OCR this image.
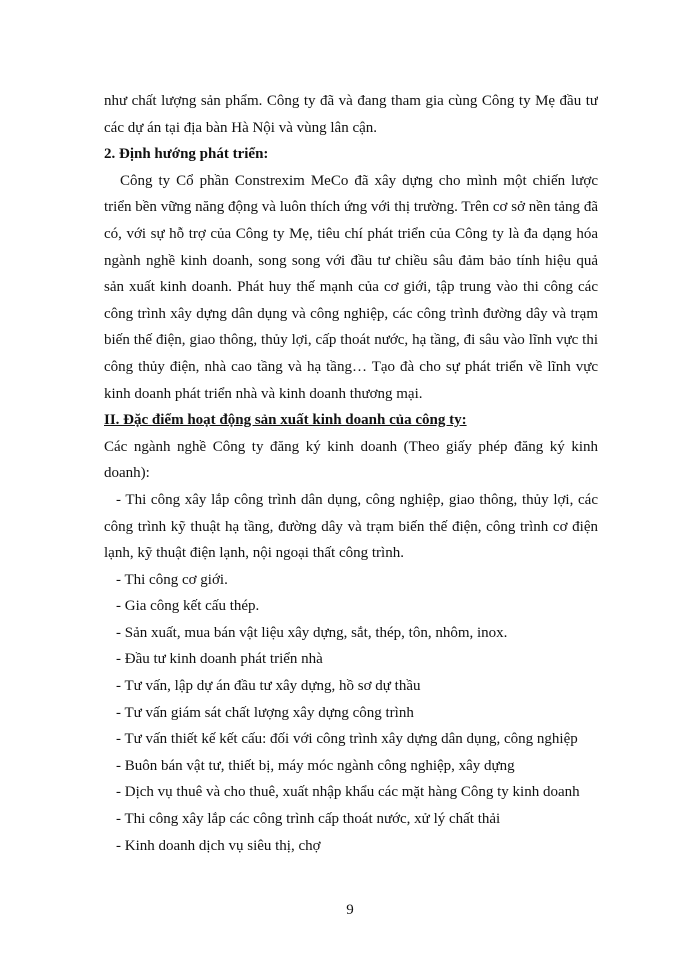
như chất lượng sản phẩm. Công ty đã và đang tham gia cùng Công ty Mẹ đầu tư

các dự án tại địa bàn Hà Nội và vùng lân cận.

2. Định hướng phát triển:

Công ty Cổ phần Constrexim MeCo đã xây dựng cho mình một chiến lược

triển bền vững năng động và luôn thích ứng với thị trường. Trên cơ sở nền tảng đã

có, với sự hỗ trợ của Công ty Mẹ, tiêu chí phát triển của Công ty là đa dạng hóa

ngành nghề kinh doanh, song song với đầu tư chiều sâu đảm bảo tính hiệu quả

sản xuất kinh doanh. Phát huy thế mạnh của cơ giới, tập trung vào thi công các

công trình xây dựng dân dụng và công nghiệp, các công trình đường dây và trạm

biến thế điện, giao thông, thủy lợi, cấp thoát nước, hạ tầng, đi sâu vào lĩnh vực thi

công thủy điện, nhà cao tầng và hạ tầng… Tạo đà cho sự phát triển về lĩnh vực

kinh doanh phát triển nhà và kinh doanh thương mại.

II. Đặc điểm hoạt động sản xuất kinh doanh của công ty:

Các ngành nghề Công ty đăng ký kinh doanh (Theo giấy phép đăng ký kinh

doanh):

- Thi công xây lắp công trình dân dụng, công nghiệp, giao thông, thủy lợi, các

công trình kỹ thuật hạ tầng, đường dây và trạm biến thế điện, công trình cơ điện

lạnh, kỹ thuật điện lạnh, nội ngoại thất công trình.

- Thi công cơ giới.

- Gia công kết cấu thép.

- Sản xuất, mua bán vật liệu xây dựng, sắt, thép, tôn, nhôm, inox.

- Đầu tư kinh doanh phát triển nhà

- Tư vấn, lập dự án đầu tư xây dựng, hồ sơ dự thầu

- Tư vấn giám sát chất lượng xây dựng công trình

- Tư vấn thiết kế kết cấu: đối với công trình xây dựng dân dụng, công nghiệp

- Buôn bán vật tư, thiết bị, máy móc ngành công nghiệp, xây dựng

- Dịch vụ thuê và cho thuê, xuất nhập khẩu các mặt hàng Công ty kinh doanh

- Thi công xây lắp các công trình cấp thoát nước, xử lý chất thải

- Kinh doanh dịch vụ siêu thị, chợ

9
